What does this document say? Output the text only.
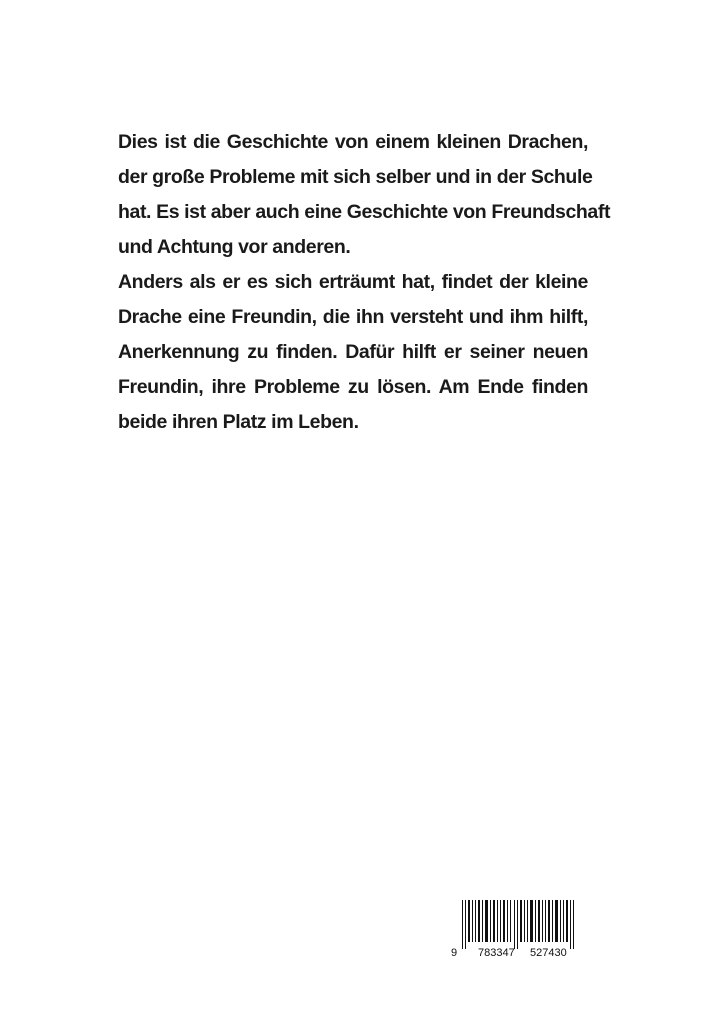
Dies ist die Geschichte von einem kleinen Drachen,
der große Probleme mit sich selber und in der Schule
hat. Es ist aber auch eine Geschichte von Freundschaft
und Achtung vor anderen.
Anders als er es sich erträumt hat, findet der kleine
Drache eine Freundin, die ihn versteht und ihm hilft,
Anerkennung zu finden. Dafür hilft er seiner neuen
Freundin, ihre Probleme zu lösen. Am Ende finden
beide ihren Platz im Leben.
9 783347 527430
